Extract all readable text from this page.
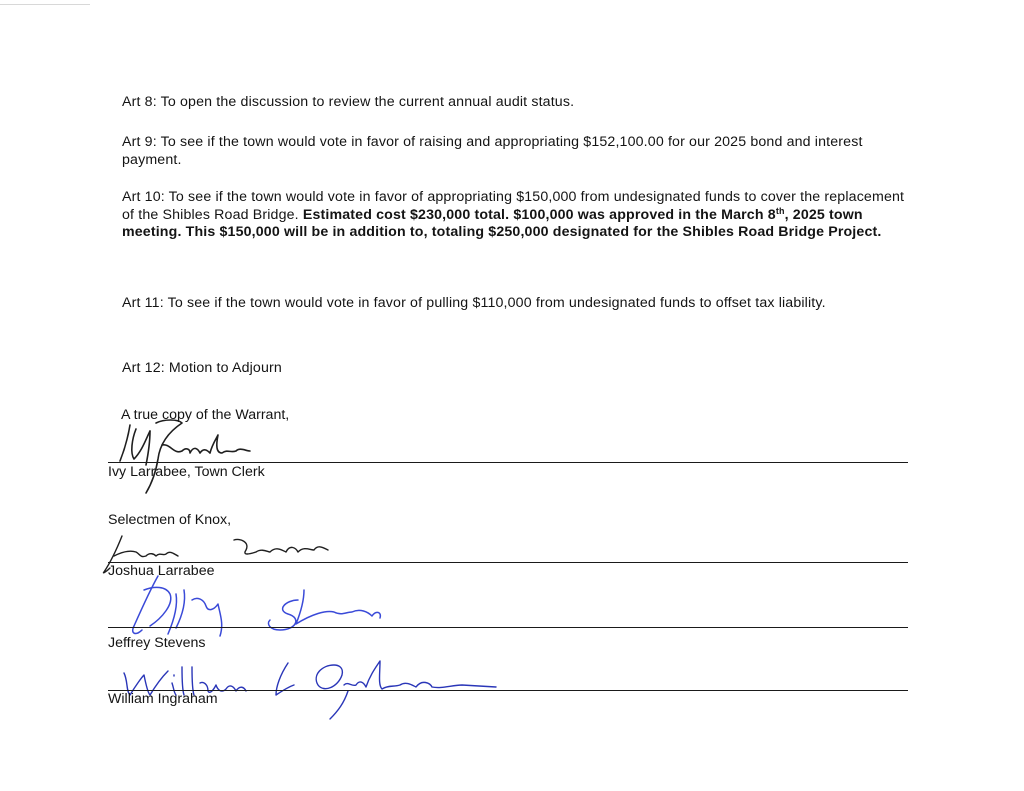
Art 8: To open the discussion to review the current annual audit status.

Art 9: To see if the town would vote in favor of raising and appropriating $152,100.00 for our 2025 bond and interest payment.

Art 10: To see if the town would vote in favor of appropriating $150,000 from undesignated funds to cover the replacement of the Shibles Road Bridge. Estimated cost $230,000 total. $100,000 was approved in the March 8th, 2025 town meeting. This $150,000 will be in addition to, totaling $250,000 designated for the Shibles Road Bridge Project.

Art 11: To see if the town would vote in favor of pulling $110,000 from undesignated funds to offset tax liability.

Art 12: Motion to Adjourn

A true copy of the Warrant,
Ivy Larrabee, Town Clerk
Selectmen of Knox,
Joshua Larrabee
Jeffrey Stevens
William Ingraham
